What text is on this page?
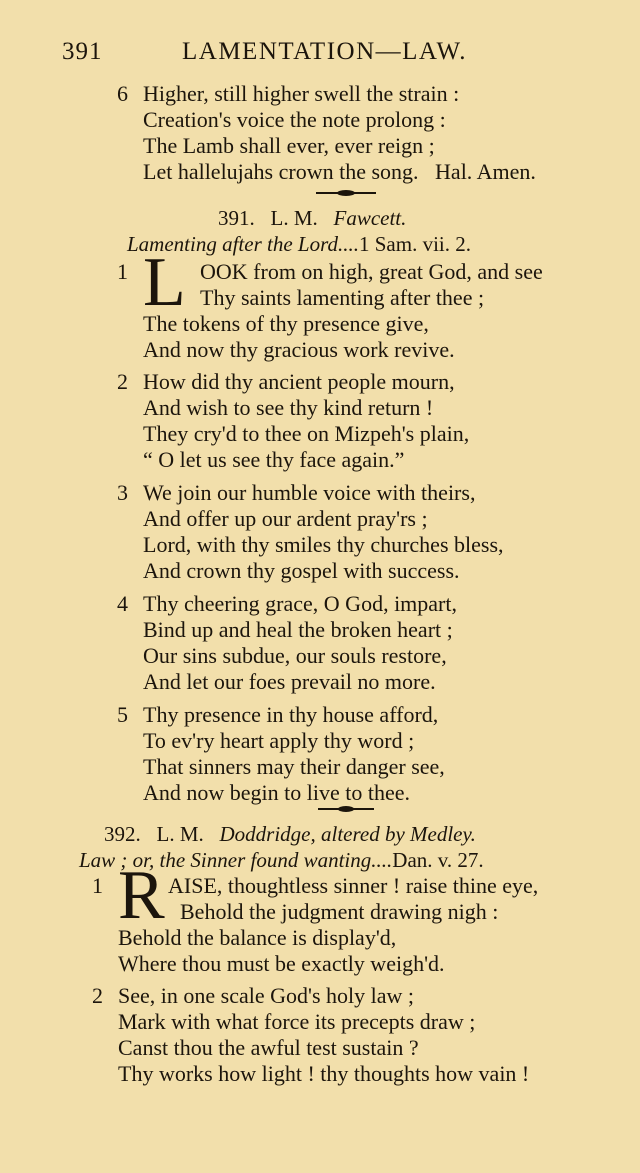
391	LAMENTATION—LAW.
6 Higher, still higher swell the strain :
Creation's voice the note prolong :
The Lamb shall ever, ever reign ;
Let hallelujahs crown the song.   Hal. Amen.
391. L. M. Fawcett.
Lamenting after the Lord....1 Sam. vii. 2.
1 L OOK from on high, great God, and see
Thy saints lamenting after thee ;
The tokens of thy presence give,
And now thy gracious work revive.
2 How did thy ancient people mourn,
And wish to see thy kind return !
They cry'd to thee on Mizpeh's plain,
“ O let us see thy face again.”
3 We join our humble voice with theirs,
And offer up our ardent pray'rs ;
Lord, with thy smiles thy churches bless,
And crown thy gospel with success.
4 Thy cheering grace, O God, impart,
Bind up and heal the broken heart ;
Our sins subdue, our souls restore,
And let our foes prevail no more.
5 Thy presence in thy house afford,
To ev'ry heart apply thy word ;
That sinners may their danger see,
And now begin to live to thee.
392. L. M. Doddridge, altered by Medley.
Law ; or, the Sinner found wanting....Dan. v. 27.
1 R AISE, thoughtless sinner ! raise thine eye,
Behold the judgment drawing nigh :
Behold the balance is display'd,
Where thou must be exactly weigh'd.
2 See, in one scale God's holy law ;
Mark with what force its precepts draw ;
Canst thou the awful test sustain ?
Thy works how light ! thy thoughts how vain !
